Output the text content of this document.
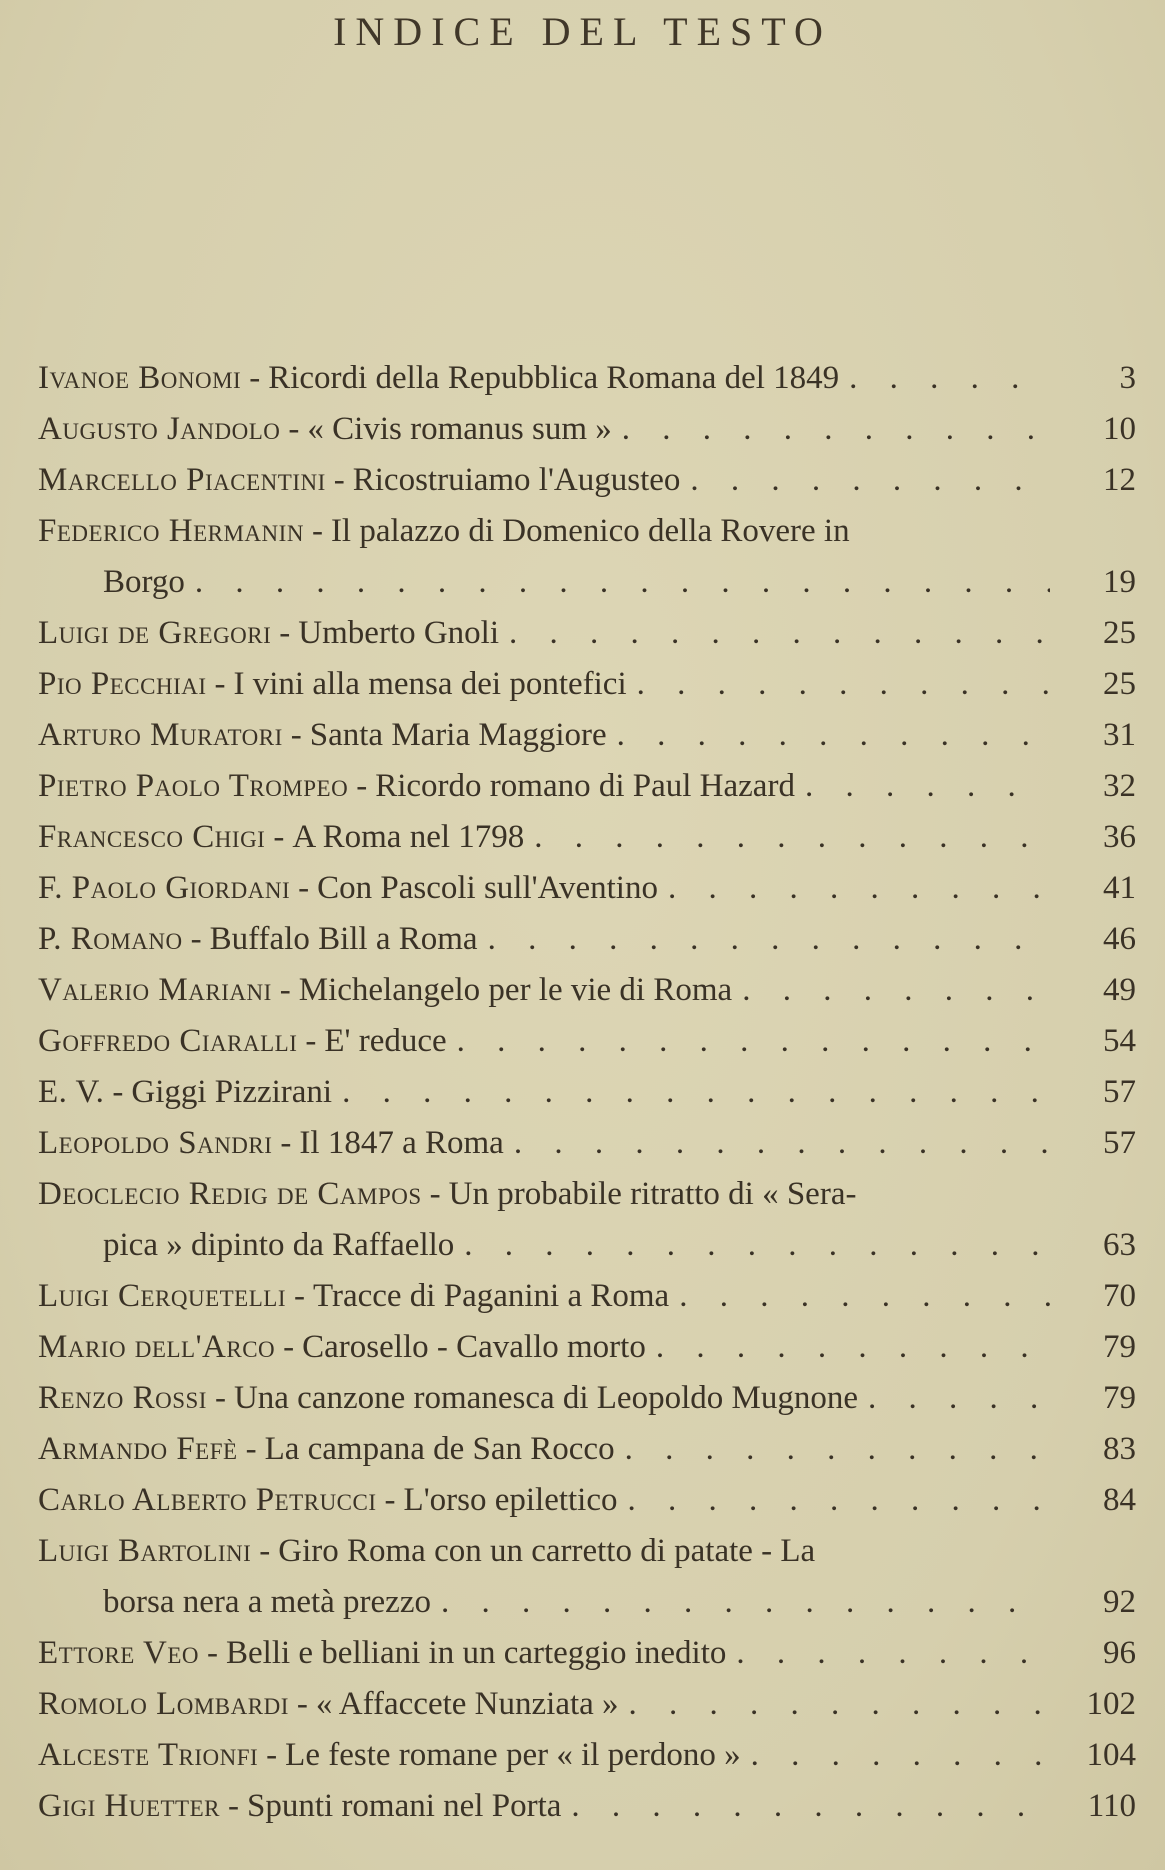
INDICE DEL TESTO
Ivanoe Bonomi - Ricordi della Repubblica Romana del 1849 . . .	3
Augusto Jandolo - « Civis romanus sum » . . .	10
Marcello Piacentini - Ricostruiamo l'Augusteo . . .	12
Federico Hermanin - Il palazzo di Domenico della Rovere in
Borgo . . .	19
Luigi de Gregori - Umberto Gnoli . . .	25
Pio Pecchiai - I vini alla mensa dei pontefici . . .	25
Arturo Muratori - Santa Maria Maggiore . . .	31
Pietro Paolo Trompeo - Ricordo romano di Paul Hazard . . .	32
Francesco Chigi - A Roma nel 1798 . . .	36
F. Paolo Giordani - Con Pascoli sull'Aventino . . .	41
P. Romano - Buffalo Bill a Roma . . .	46
Valerio Mariani - Michelangelo per le vie di Roma . . .	49
Goffredo Ciaralli - E' reduce . . .	54
E. V. - Giggi Pizzirani . . .	57
Leopoldo Sandri - Il 1847 a Roma . . .	57
Deoclecio Redig de Campos - Un probabile ritratto di « Sera-
pica » dipinto da Raffaello . . .	63
Luigi Cerquetelli - Tracce di Paganini a Roma . . .	70
Mario dell'Arco - Carosello - Cavallo morto . . .	79
Renzo Rossi - Una canzone romanesca di Leopoldo Mugnone . . .	79
Armando Fefè - La campana de San Rocco . . .	83
Carlo Alberto Petrucci - L'orso epilettico . . .	84
Luigi Bartolini - Giro Roma con un carretto di patate - La
borsa nera a metà prezzo . . .	92
Ettore Veo - Belli e belliani in un carteggio inedito . . .	96
Romolo Lombardi - « Affaccete Nunziata » . . .	102
Alceste Trionfi - Le feste romane per « il perdono » . . .	104
Gigi Huetter - Spunti romani nel Porta . . .	110
